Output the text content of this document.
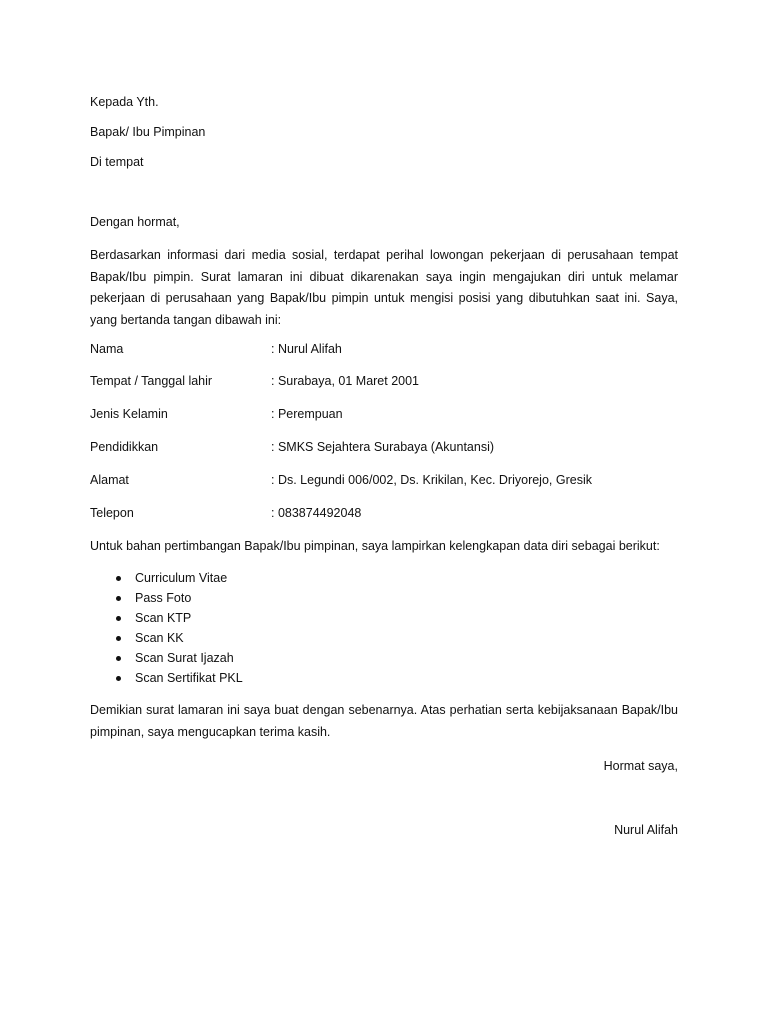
Kepada Yth.
Bapak/ Ibu Pimpinan
Di tempat
Dengan hormat,
Berdasarkan informasi dari media sosial, terdapat perihal lowongan pekerjaan di perusahaan tempat Bapak/Ibu pimpin. Surat lamaran ini dibuat dikarenakan saya ingin mengajukan diri untuk melamar pekerjaan di perusahaan yang Bapak/Ibu pimpin untuk mengisi posisi yang dibutuhkan saat ini. Saya, yang bertanda tangan dibawah ini:
Nama	: Nurul Alifah
Tempat / Tanggal lahir	: Surabaya, 01 Maret 2001
Jenis Kelamin	: Perempuan
Pendidikkan	: SMKS Sejahtera Surabaya (Akuntansi)
Alamat	: Ds. Legundi 006/002, Ds. Krikilan, Kec. Driyorejo, Gresik
Telepon	: 083874492048
Untuk bahan pertimbangan Bapak/Ibu pimpinan, saya lampirkan kelengkapan data diri sebagai berikut:
Curriculum Vitae
Pass Foto
Scan KTP
Scan KK
Scan Surat Ijazah
Scan Sertifikat PKL
Demikian surat lamaran ini saya buat dengan sebenarnya. Atas perhatian serta kebijaksanaan Bapak/Ibu pimpinan, saya mengucapkan terima kasih.
Hormat saya,
Nurul Alifah
